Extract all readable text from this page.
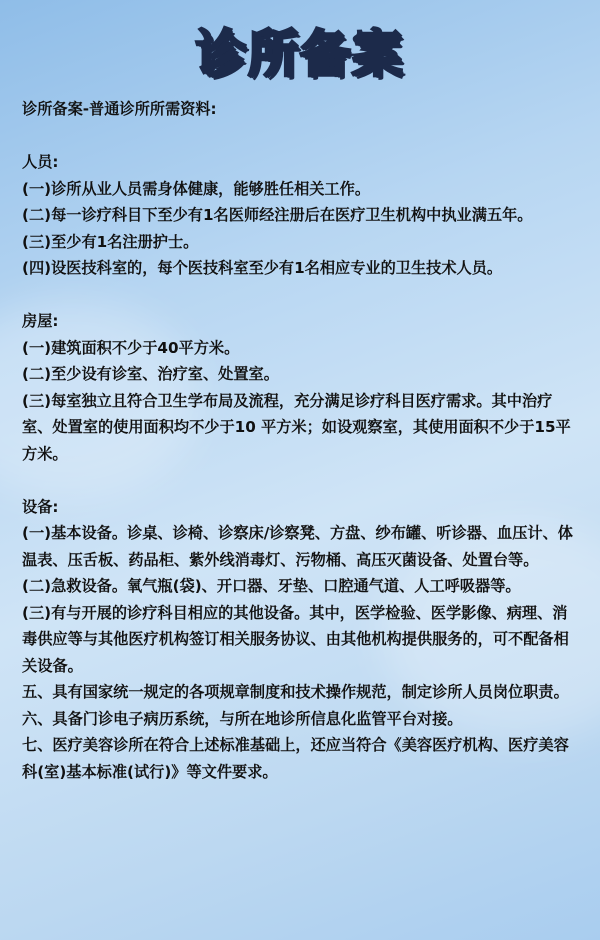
诊所备案

诊所备案-普通诊所所需资料:

人员:

(一)诊所从业人员需身体健康，能够胜任相关工作。

(二)每一诊疗科目下至少有1名医师经注册后在医疗卫生机构中执业满五年。

(三)至少有1名注册护士。

(四)设医技科室的，每个医技科室至少有1名相应专业的卫生技术人员。

房屋:

(一)建筑面积不少于40平方米。

(二)至少设有诊室、治疗室、处置室。

(三)每室独立且符合卫生学布局及流程，充分满足诊疗科目医疗需求。其中治疗室、处置室的使用面积均不少于10 平方米；如设观察室，其使用面积不少于15平方米。

设备:

(一)基本设备。诊桌、诊椅、诊察床/诊察凳、方盘、纱布罐、听诊器、血压计、体温表、压舌板、药品柜、紫外线消毒灯、污物桶、高压灭菌设备、处置台等。

(二)急救设备。氧气瓶(袋)、开口器、牙垫、口腔通气道、人工呼吸器等。

(三)有与开展的诊疗科目相应的其他设备。其中，医学检验、医学影像、病理、消毒供应等与其他医疗机构签订相关服务协议、由其他机构提供服务的，可不配备相关设备。

五、具有国家统一规定的各项规章制度和技术操作规范，制定诊所人员岗位职责。

六、具备门诊电子病历系统，与所在地诊所信息化监管平台对接。

七、医疗美容诊所在符合上述标准基础上，还应当符合《美容医疗机构、医疗美容科(室)基本标准(试行)》等文件要求。
